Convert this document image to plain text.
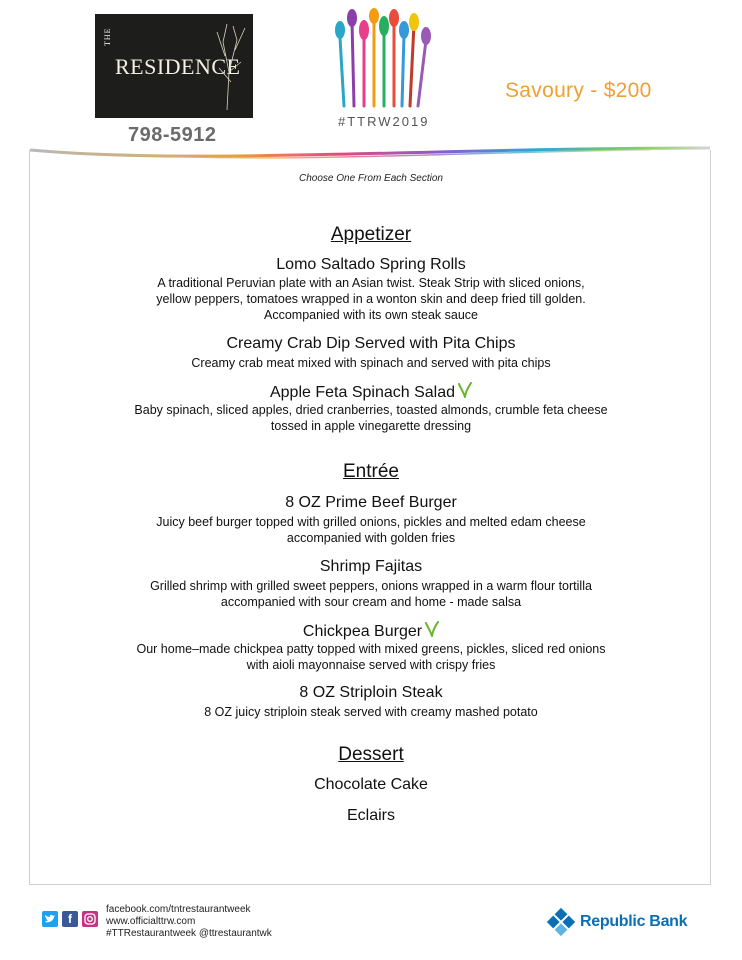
THE
RESIDENCE
798-5912
#TTRW2019
Savoury - $200
Choose One From Each Section
Appetizer
Lomo Saltado Spring Rolls
A traditional Peruvian plate with an Asian twist. Steak Strip with sliced onions,
yellow peppers, tomatoes wrapped in a wonton skin and deep fried till golden.
Accompanied with its own steak sauce
Creamy Crab Dip Served with Pita Chips
Creamy crab meat mixed with spinach and served with pita chips
Apple Feta Spinach Salad
Baby spinach, sliced apples, dried cranberries, toasted almonds, crumble feta cheese
tossed in apple vinegarette dressing
Entrée
8 OZ Prime Beef Burger
Juicy beef burger topped with grilled onions, pickles and melted edam cheese
accompanied with golden fries
Shrimp Fajitas
Grilled shrimp with grilled sweet peppers, onions wrapped in a warm flour tortilla
accompanied with sour cream and home - made salsa
Chickpea Burger
Our home–made chickpea patty topped with mixed greens, pickles, sliced red onions
with aioli mayonnaise served with crispy fries
8 OZ Striploin Steak
8 OZ juicy striploin steak served with creamy mashed potato
Dessert
Chocolate Cake
Eclairs
f
facebook.com/tntrestaurantweek
www.officialttrw.com
#TTRestaurantweek @ttrestaurantwk
Republic Bank
